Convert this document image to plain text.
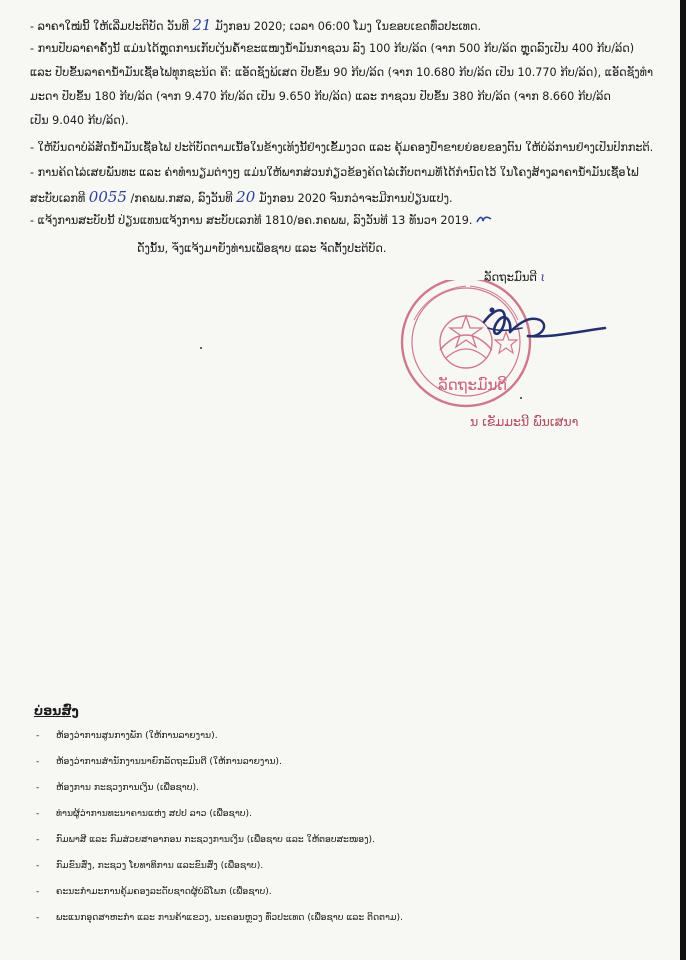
- ລາຄາໃໝ່ນີ້ ໃຫ້ເລີ່ມປະຕິບັດ ວັນທີ 21 ມັງກອນ 2020; ເວລາ 06:00 ໂມງ ໃນຂອບເຂດທົ່ວປະເທດ.
- ການປັບລາຄາຄັ້ງນີ້ ແມ່ນໄດ້ຫຼຸດການເກັບເງິນຄ້ຳຂະແໜງນໍ້າມັນກາຊວນ ລົງ 100 ກີບ/ລິດ (ຈາກ 500 ກີບ/ລິດ ຫຼຸດລົງເປັນ 400 ກີບ/ລິດ)
ແລະ ປັບຂຶ້ນລາຄານໍ້າມັນເຊື້ອໄຟທຸກຊະນິດ ຄື: ແອັດຊັງພິເສດ ປັບຂຶ້ນ 90 ກີບ/ລິດ (ຈາກ 10.680 ກີບ/ລິດ ເປັນ 10.770 ກີບ/ລິດ), ແອັດຊັງທໍາ
ມະດາ ປັບຂຶ້ນ 180 ກີບ/ລິດ (ຈາກ 9.470 ກີບ/ລິດ ເປັນ 9.650 ກີບ/ລິດ) ແລະ ກາຊວນ ປັບຂຶ້ນ 380 ກີບ/ລິດ (ຈາກ 8.660 ກີບ/ລິດ
ເປັນ 9.040 ກີບ/ລິດ).
- ໃຫ້ບັນດາບໍລິສັດນໍ້າມັນເຊື້ອໄຟ ປະຕິບັດຕາມເນື້ອໃນຂ້າງເທິງນີ້ຢ່າງເຂັ້ມງວດ ແລະ ຄຸ້ມຄອງປໍ້າຂາຍຍ່ອຍຂອງຕົນ ໃຫ້ບໍລິການຢ່າງເປັນປົກກະຕິ.
- ການຄິດໄລ່ເສຍພັນທະ ແລະ ຄ່າທໍານຽມຕ່າງໆ ແມ່ນໃຫ້ພາກສ່ວນກ່ຽວຂ້ອງຄິດໄລ່ເກັບຕາມທີ່ໄດ້ກໍານົດໄວ້ ໃນໂຄງສ້າງລາຄານໍ້າມັນເຊື້ອໄຟ
ສະບັບເລກທີ 0055 /ກຄພພ.ກສລ, ລົງວັນທີ 20 ມັງກອນ 2020 ຈົນກວ່າຈະມີການປ່ຽນແປງ.
- ແຈ້ງການສະບັບນີ້ ປ່ຽນແທນແຈ້ງການ ສະບັບເລກທີ 1810/ອຄ.ກຄພພ, ລົງວັນທີ 13 ທັນວາ 2019.
ດັ່ງນັ້ນ, ຈຶ່ງແຈ້ງມາຍັງທ່ານເພື່ອຊາບ ແລະ ຈັດຕັ້ງປະຕິບັດ.
ລັດຖະມົນຕີ ι
ລັດຖະມົນຕີ
ນ ເຂັມມະນີ ພົນເສນາ
ບ່ອນສົ່ງ
- ຫ້ອງວ່າການສູນກາງພັກ (ໃຫ້ການລາຍງານ).
- ຫ້ອງວ່າການສໍານັກງານນາຍົກລັດຖະມົນຕີ (ໃຫ້ການລາຍງານ).
- ຫ້ອງການ ກະຊວງການເງິນ (ເພື່ອຊາບ).
- ທ່ານຜູ້ວ່າການທະນາຄານແຫ່ງ ສປປ ລາວ (ເພື່ອຊາບ).
- ກົມພາສີ ແລະ ກົມສ່ວຍສາອາກອນ ກະຊວງການເງິນ (ເພື່ອຊາບ ແລະ ໃຫ້ຕອບສະໜອງ).
- ກົມຂົນສົ່ງ, ກະຊວງ ໂຍທາທິການ ແລະຂົນສົ່ງ (ເພື່ອຊາບ).
- ຄະນະກໍາມະການຄຸ້ມຄອງລະດັບຊາດຜູ້ບໍລິໂພກ (ເພື່ອຊາບ).
- ພະແນກອຸດສາຫະກໍາ ແລະ ການຄ້າແຂວງ, ນະຄອນຫຼວງ ທົ່ວປະເທດ (ເພື່ອຊາບ ແລະ ຕິດຕາມ).
